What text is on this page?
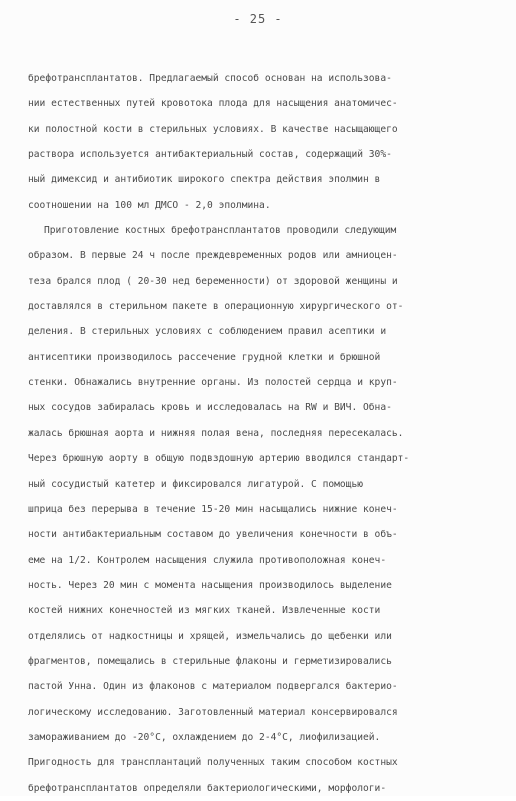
- 25 -
брефотрансплантатов. Предлагаемый способ основан на использова-
нии естественных путей кровотока плода для насыщения анатомичес-
ки полостной кости в стерильных условиях. В качестве насыщающего
раствора используется антибактериальный состав, содержащий 30%-
ный димексид и антибиотик широкого спектра действия эполмин в
соотношении на 100 мл ДМСО - 2,0 эполмина.
Приготовление костных брефотрансплантатов проводили следующим
образом. В первые 24 ч после преждевременных родов или амниоцен-
теза брался плод ( 20-30 нед беременности) от здоровой женщины и
доставлялся в стерильном пакете в операционную хирургического от-
деления. В стерильных условиях с соблюдением правил асептики и
антисептики производилось рассечение грудной клетки и брюшной
стенки. Обнажались внутренние органы. Из полостей сердца и круп-
ных сосудов забиралась кровь и исследовалась на RW и ВИЧ. Обна-
жалась брюшная аорта и нижняя полая вена, последняя пересекалась.
Через брюшную аорту в общую подвздошную артерию вводился стандарт-
ный сосудистый катетер и фиксировался лигатурой. С помощью
шприца без перерыва в течение 15-20 мин насыщались нижние конеч-
ности антибактериальным составом до увеличения конечности в объ-
еме на 1/2. Контролем насыщения служила противоположная конеч-
ность. Через 20 мин с момента насыщения производилось выделение
костей нижних конечностей из мягких тканей. Извлеченные кости
отделялись от надкостницы и хрящей, измельчались до щебенки или
фрагментов, помещались в стерильные флаконы и герметизировались
пастой Унна. Один из флаконов с материалом подвергался бактерио-
логическому исследованию. Заготовленный материал консервировался
замораживанием до -20°С, охлаждением до 2-4°С, лиофилизацией.
Пригодность для трансплантаций полученных таким способом костных
брефотрансплантатов определяли бактериологическими, морфологи-
